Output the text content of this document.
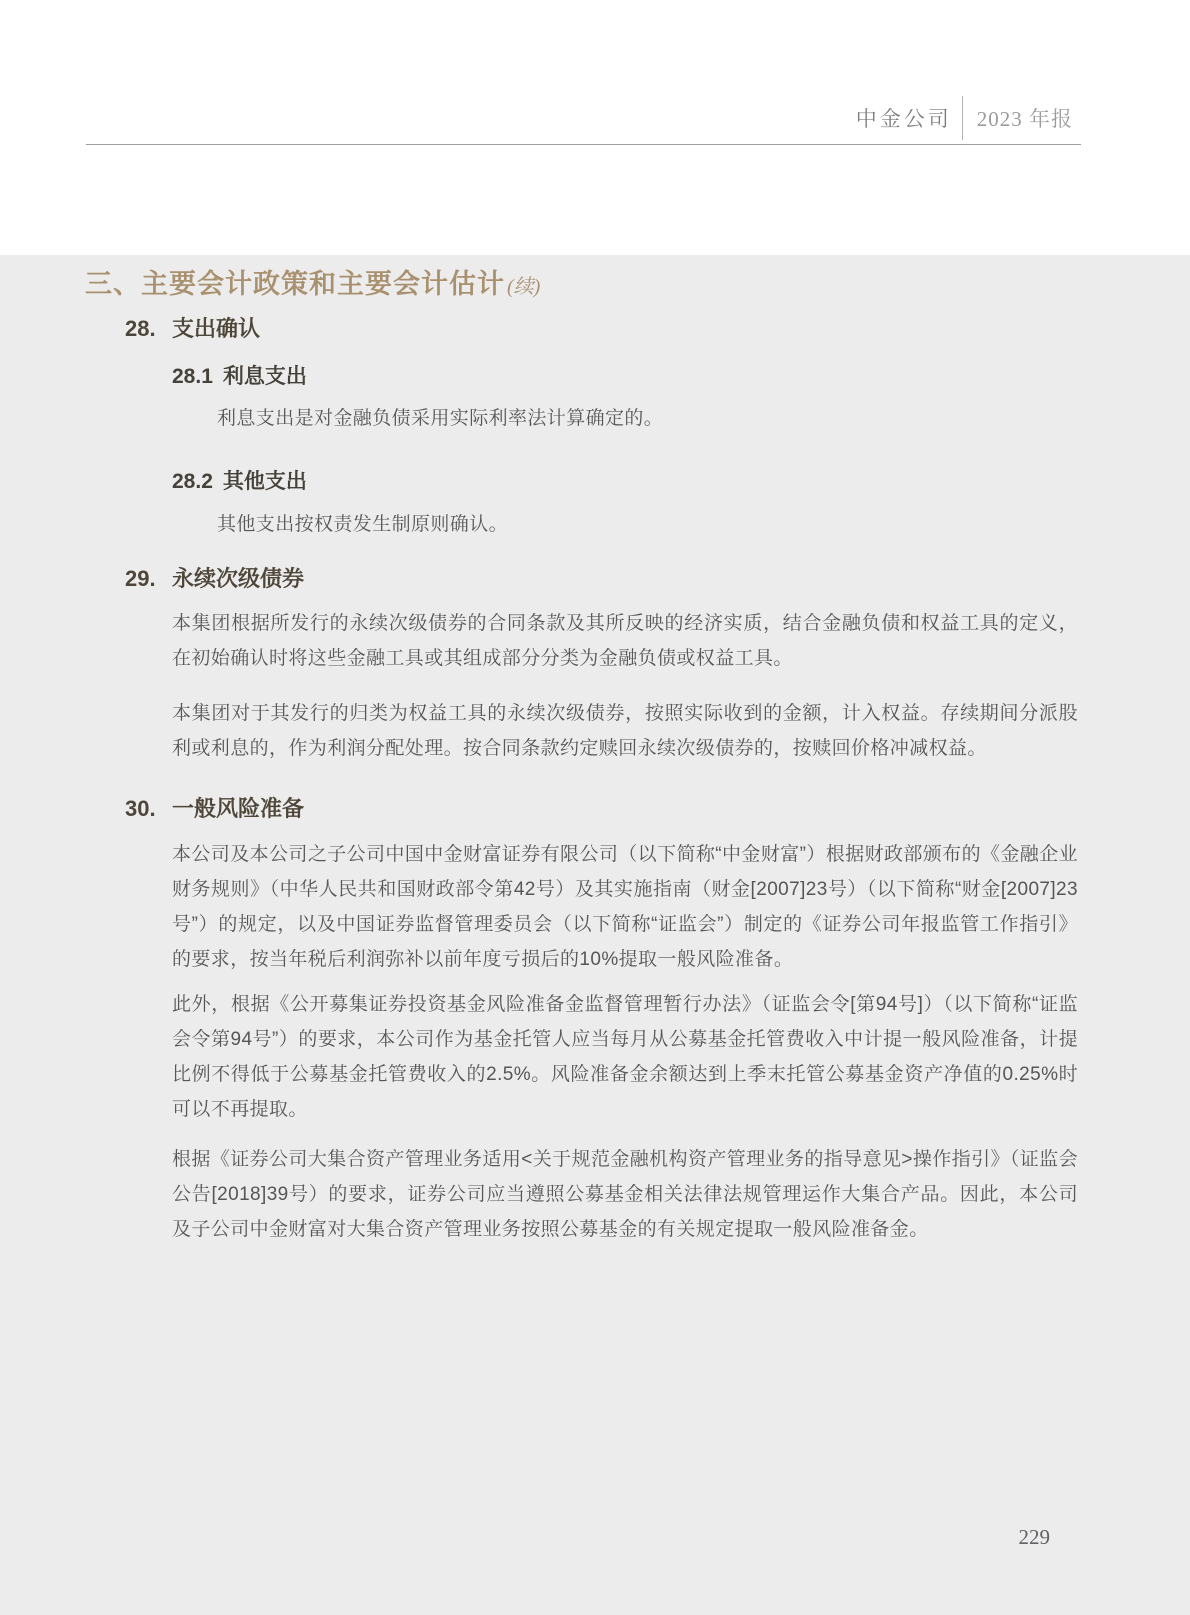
中金公司 2023 年报
三、主要会计政策和主要会计估计 (续)
28. 支出确认
28.1 利息支出

利息支出是对金融负债采用实际利率法计算确定的。

28.2 其他支出

其他支出按权责发生制原则确认。

29. 永续次级债券

本集团根据所发行的永续次级债券的合同条款及其所反映的经济实质，结合金融负债和权益工具的定义，在初始确认时将这些金融工具或其组成部分分类为金融负债或权益工具。

本集团对于其发行的归类为权益工具的永续次级债券，按照实际收到的金额，计入权益。存续期间分派股利或利息的，作为利润分配处理。按合同条款约定赎回永续次级债券的，按赎回价格冲减权益。

30. 一般风险准备

本公司及本公司之子公司中国中金财富证券有限公司（以下简称“中金财富”）根据财政部颁布的《金融企业财务规则》（中华人民共和国财政部令第42号）及其实施指南（财金[2007]23号）（以下简称“财金[2007]23号”）的规定，以及中国证券监督管理委员会（以下简称“证监会”）制定的《证券公司年报监管工作指引》的要求，按当年税后利润弥补以前年度亏损后的10%提取一般风险准备。

此外，根据《公开募集证券投资基金风险准备金监督管理暂行办法》（证监会令[第94号]）（以下简称“证监会令第94号”）的要求，本公司作为基金托管人应当每月从公募基金托管费收入中计提一般风险准备，计提比例不得低于公募基金托管费收入的2.5%。风险准备金余额达到上季末托管公募基金资产净值的0.25%时可以不再提取。

根据《证券公司大集合资产管理业务适用<关于规范金融机构资产管理业务的指导意见>操作指引》（证监会公告[2018]39号）的要求，证券公司应当遵照公募基金相关法律法规管理运作大集合产品。因此，本公司及子公司中金财富对大集合资产管理业务按照公募基金的有关规定提取一般风险准备金。

229
